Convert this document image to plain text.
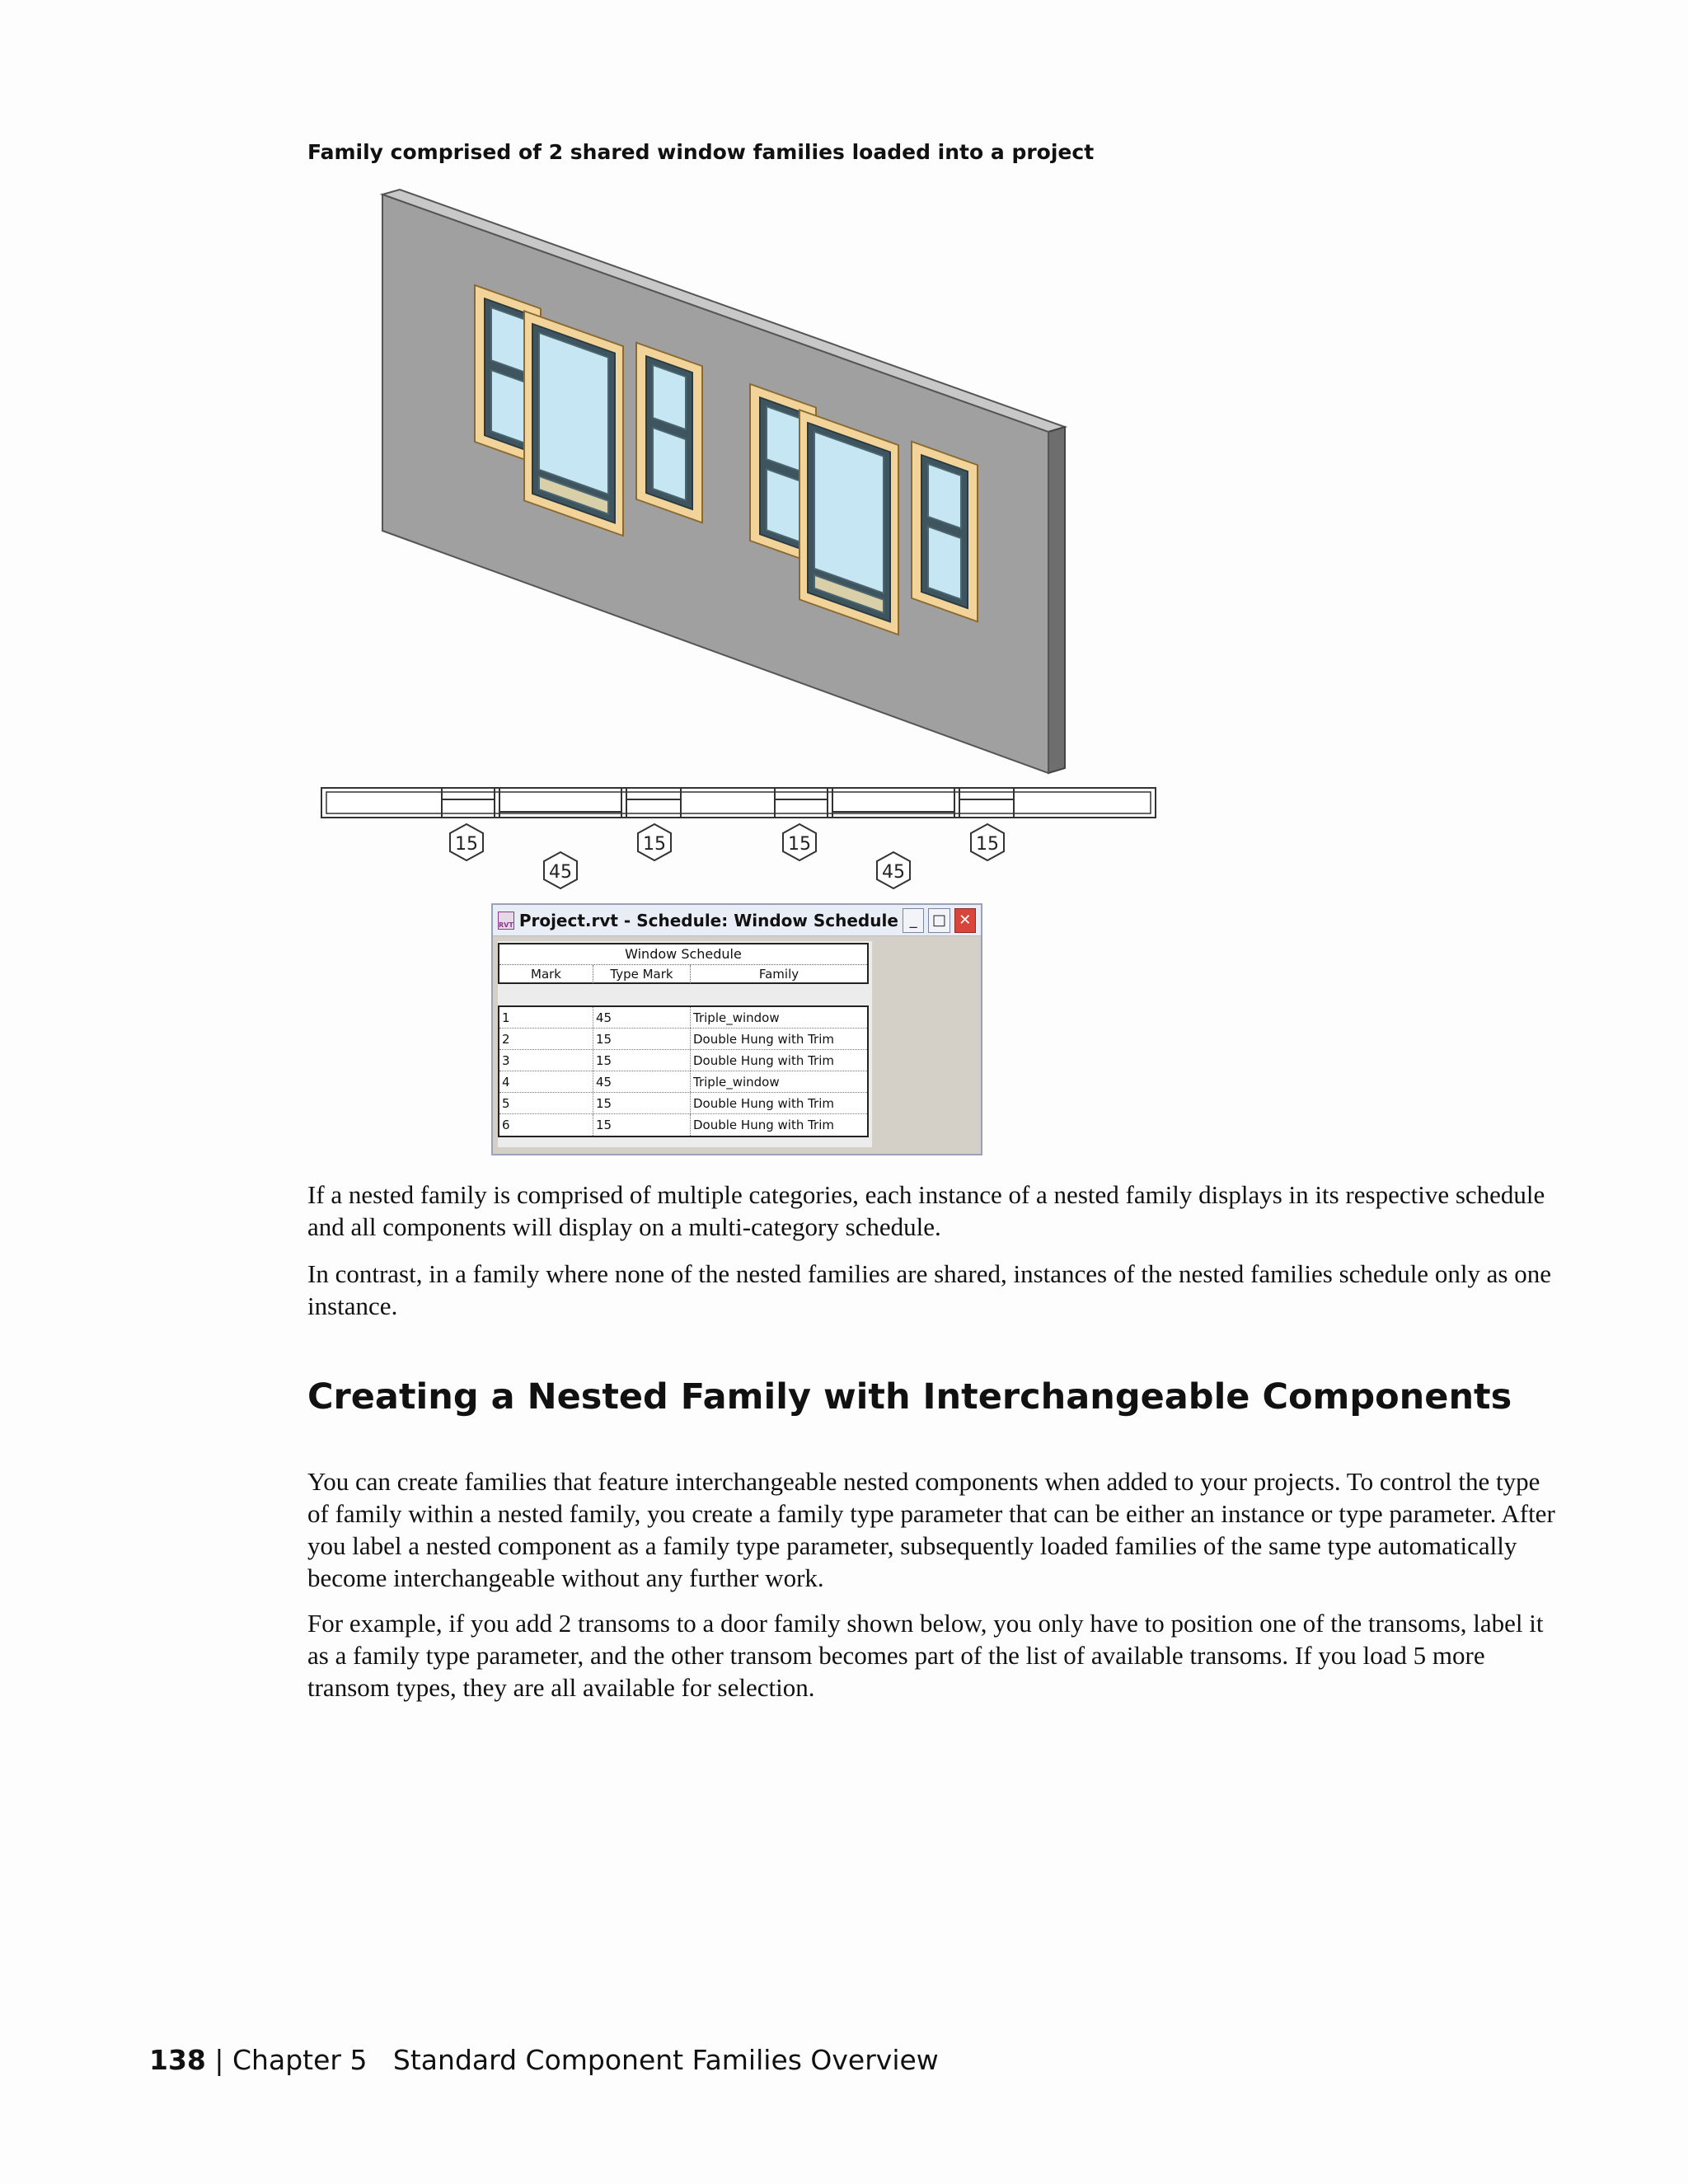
Family comprised of 2 shared window families loaded into a project
15
45
15	15
45
15
RVT Project.rvt - Schedule: Window Schedule _	□ ✕
Window Schedule
Mark	Type Mark	Family
1	45	Triple_window
2	15	Double Hung with Trim
3	15	Double Hung with Trim
4	45	Triple_window
5	15	Double Hung with Trim
6	15	Double Hung with Trim

If a nested family is comprised of multiple categories, each instance of a nested family displays in its respective schedule and all components will display on a multi-category schedule.

In contrast, in a family where none of the nested families are shared, instances of the nested families schedule only as one instance.

Creating a Nested Family with Interchangeable Components

You can create families that feature interchangeable nested components when added to your projects. To control the type of family within a nested family, you create a family type parameter that can be either an instance or type parameter. After you label a nested component as a family type parameter, subsequently loaded families of the same type automatically become interchangeable without any further work.

For example, if you add 2 transoms to a door family shown below, you only have to position one of the transoms, label it as a family type parameter, and the other transom becomes part of the list of available transoms. If you load 5 more transom types, they are all available for selection.

138 | Chapter 5 Standard Component Families Overview
